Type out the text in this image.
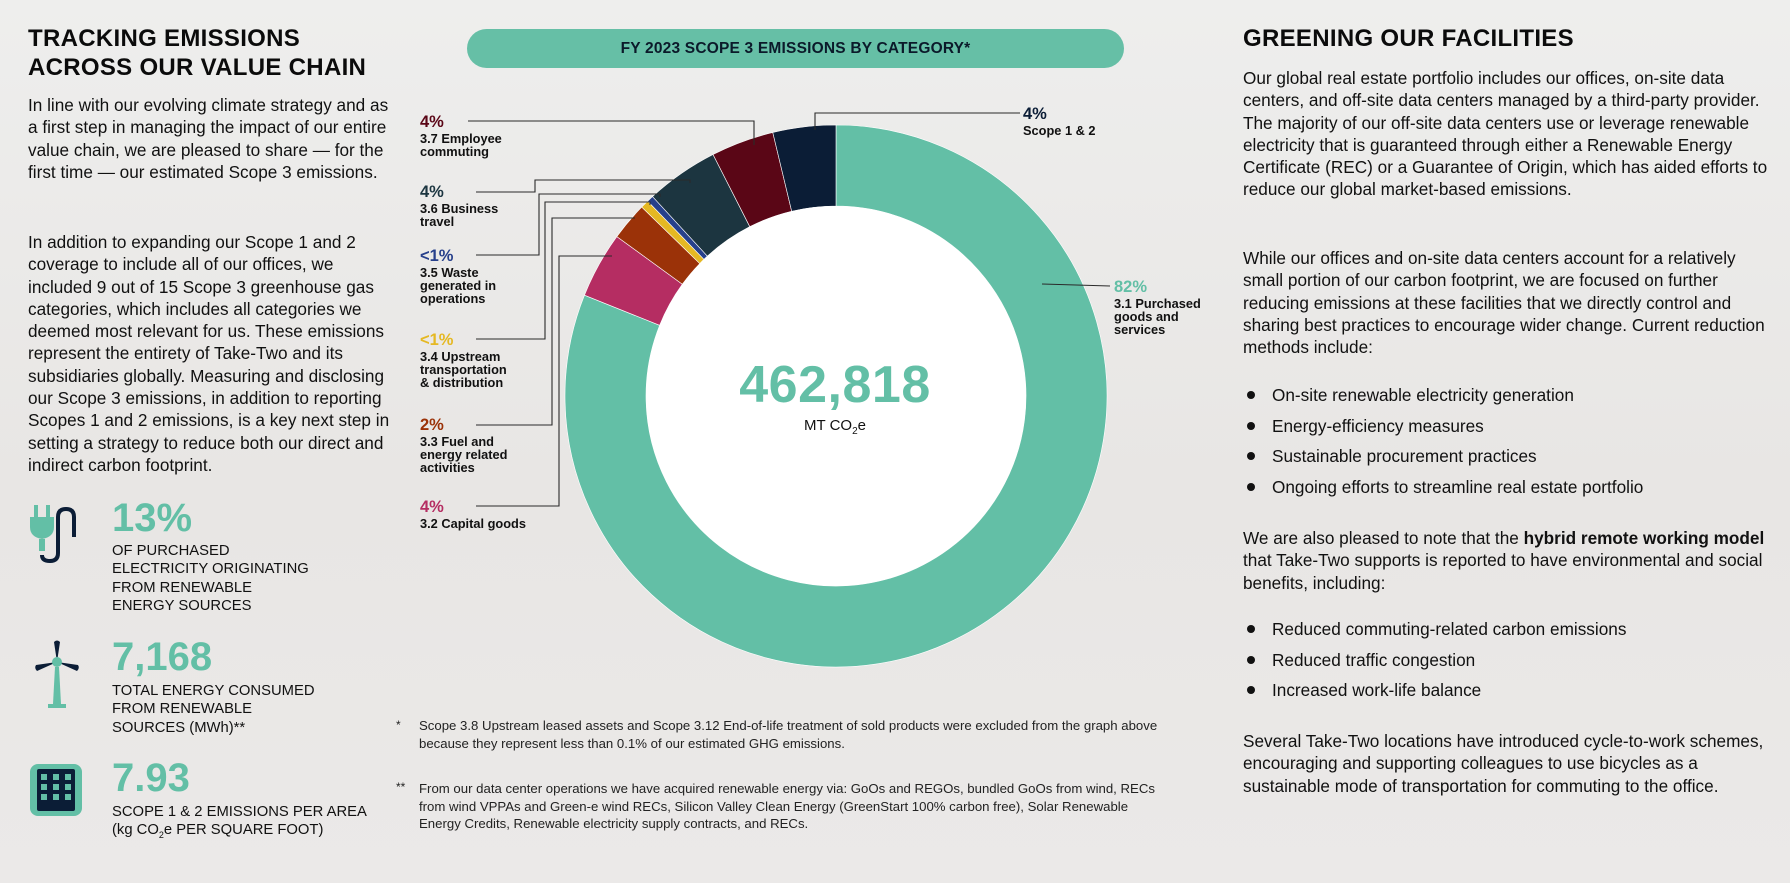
TRACKING EMISSIONS
ACROSS OUR VALUE CHAIN

In line with our evolving climate strategy and as a first step in managing the impact of our entire value chain, we are pleased to share — for the first time — our estimated Scope 3 emissions.

In addition to expanding our Scope 1 and 2 coverage to include all of our offices, we included 9 out of 15 Scope 3 greenhouse gas categories, which includes all categories we deemed most relevant for us. These emissions represent the entirety of Take-Two and its subsidiaries globally. Measuring and disclosing our Scope 3 emissions, in addition to reporting Scopes 1 and 2 emissions, is a key next step in setting a strategy to reduce both our direct and indirect carbon footprint.

13%

OF PURCHASED
ELECTRICITY ORIGINATING
FROM RENEWABLE
ENERGY SOURCES

7,168

TOTAL ENERGY CONSUMED
FROM RENEWABLE
SOURCES (MWh)**

7.93

SCOPE 1 & 2 EMISSIONS PER AREA
(kg $CO_2e$ PER SQUARE FOOT)

FY 2023 SCOPE 3 EMISSIONS BY CATEGORY*
462,818
MT $CO_2e$
4%
Scope 1 & 2
82%
3.1 Purchased
goods and
services
4%
3.7 Employee
commuting
4%
3.6 Business
travel
<1%
3.5 Waste
generated in
operations
<1%
3.4 Upstream
transportation
& distribution
2%
3.3 Fuel and
energy related
activities
4%
3.2 Capital goods
* Scope 3.8 Upstream leased assets and Scope 3.12 End-of-life treatment of sold products were excluded from the graph above because they represent less than 0.1% of our estimated GHG emissions.

** From our data center operations we have acquired renewable energy via: GoOs and REGOs, bundled GoOs from wind, RECs from wind VPPAs and Green-e wind RECs, Silicon Valley Clean Energy (GreenStart 100% carbon free), Solar Renewable Energy Credits, Renewable electricity supply contracts, and RECs.

GREENING OUR FACILITIES

Our global real estate portfolio includes our offices, on-site data centers, and off-site data centers managed by a third-party provider. The majority of our off-site data centers use or leverage renewable electricity that is guaranteed through either a Renewable Energy Certificate (REC) or a Guarantee of Origin, which has aided efforts to reduce our global market-based emissions.

While our offices and on-site data centers account for a relatively small portion of our carbon footprint, we are focused on further reducing emissions at these facilities that we directly control and sharing best practices to encourage wider change. Current reduction methods include:

On-site renewable electricity generation
Energy-efficiency measures
Sustainable procurement practices
Ongoing efforts to streamline real estate portfolio

We are also pleased to note that the hybrid remote working model that Take-Two supports is reported to have environmental and social benefits, including:

Reduced commuting-related carbon emissions
Reduced traffic congestion
Increased work-life balance

Several Take-Two locations have introduced cycle-to-work schemes, encouraging and supporting colleagues to use bicycles as a sustainable mode of transportation for commuting to the office.
